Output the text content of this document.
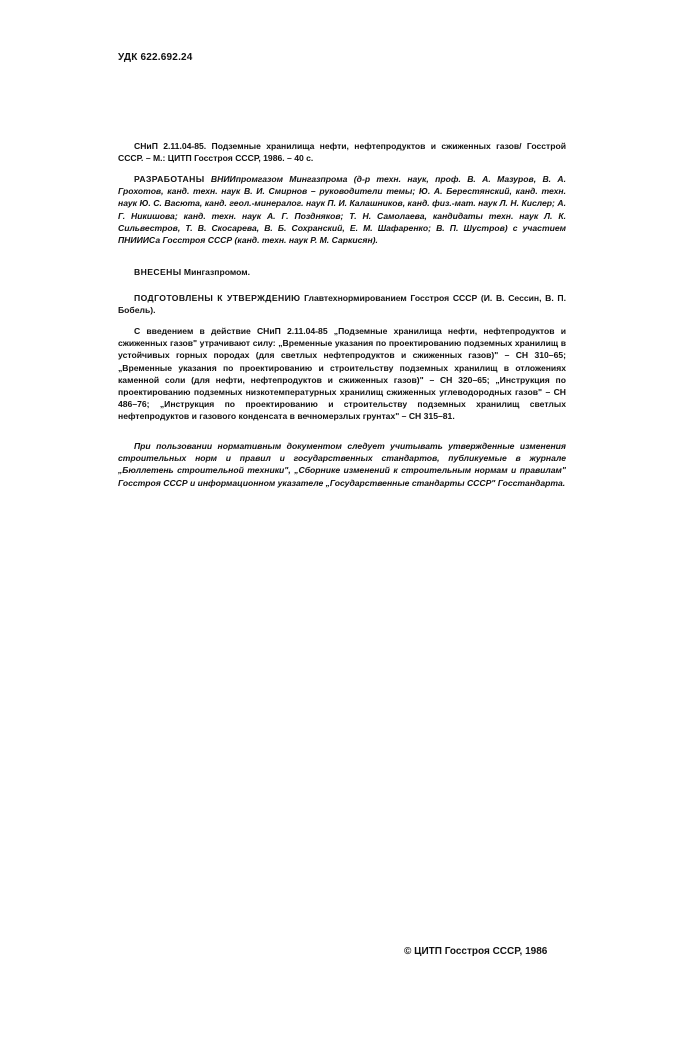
УДК 622.692.24
СНиП 2.11.04-85. Подземные хранилища нефти, нефтепродуктов и сжиженных газов/ Госстрой СССР. – М.: ЦИТП Госстроя СССР, 1986. – 40 с.
РАЗРАБОТАНЫ ВНИИпромгазом Мингазпрома (д-р техн. наук, проф. В. А. Мазуров, В. А. Грохотов, канд. техн. наук В. И. Смирнов – руководители темы; Ю. А. Берестянский, канд. техн. наук Ю. С. Васюта, канд. геол.-минералог. наук П. И. Калашников, канд. физ.-мат. наук Л. Н. Кислер; А. Г. Никишова; канд. техн. наук А. Г. Поздняков; Т. Н. Самолаева, кандидаты техн. наук Л. К. Сильвестров, Т. В. Скосарева, В. Б. Сохранский, Е. М. Шафаренко; В. П. Шустров) с участием ПНИИИСа Госстроя СССР (канд. техн. наук Р. М. Саркисян).
ВНЕСЕНЫ Мингазпромом.
ПОДГОТОВЛЕНЫ К УТВЕРЖДЕНИЮ Главтехнормированием Госстроя СССР (И. В. Сессин, В. П. Бобель).
С введением в действие СНиП 2.11.04-85 „Подземные хранилища нефти, нефтепродуктов и сжиженных газов" утрачивают силу: „Временные указания по проектированию подземных хранилищ в устойчивых горных породах (для светлых нефтепродуктов и сжиженных газов)" – СН 310–65; „Временные указания по проектированию и строительству подземных хранилищ в отложениях каменной соли (для нефти, нефтепродуктов и сжиженных газов)" – СН 320–65; „Инструкция по проектированию подземных низкотемпературных хранилищ сжиженных углеводородных газов" – СН 486–76; „Инструкция по проектированию и строительству подземных хранилищ светлых нефтепродуктов и газового конденсата в вечномерзлых грунтах" – СН 315–81.
При пользовании нормативным документом следует учитывать утвержденные изменения строительных норм и правил и государственных стандартов, публикуемые в журнале „Бюллетень строительной техники", „Сборнике изменений к строительным нормам и правилам" Госстроя СССР и информационном указателе „Государственные стандарты СССР" Госстандарта.
© ЦИТП Госстроя СССР, 1986
